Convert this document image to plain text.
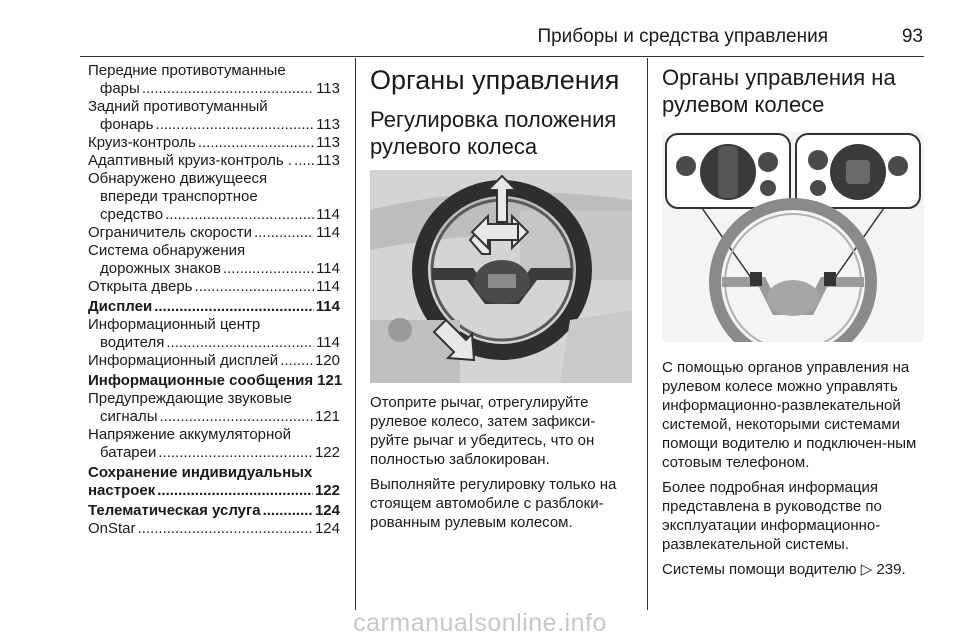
Приборы и средства управления	93
Передние противотуманные
фары .....	113
Задний противотуманный
фонарь .....	113
Круиз-контроль .....	113
Адаптивный круиз-контроль . ..... 113
Обнаружено движущееся
впереди транспортное
средство .....	114
Ограничитель скорости .....	114
Система обнаружения
дорожных знаков .....	114
Открыта дверь .....	114
Дисплеи .....	114
Информационный центр
водителя .....	114
Информационный дисплей ..... 120
Информационные сообщения 121
Предупреждающие звуковые
сигналы .....	121
Напряжение аккумуляторной
батареи .....	122
Сохранение индивидуальных
настроек .....	122
Телематическая услуга .....	124
OnStar .....	124
Органы управления
Регулировка положения рулевого колеса
Отоприте рычаг, отрегулируйте рулевое колесо, затем зафикси-руйте рычаг и убедитесь, что он полностью заблокирован.
Выполняйте регулировку только на стоящем автомобиле с разблоки-рованным рулевым колесом.
Органы управления на рулевом колесе
С помощью органов управления на рулевом колесе можно управлять информационно-развлекательной системой, некоторыми системами помощи водителю и подключен-ным сотовым телефоном.
Более подробная информация представлена в руководстве по эксплуатации информационно-развлекательной системы.
Системы помощи водителю ▷ 239.
carmanualsonline.info
